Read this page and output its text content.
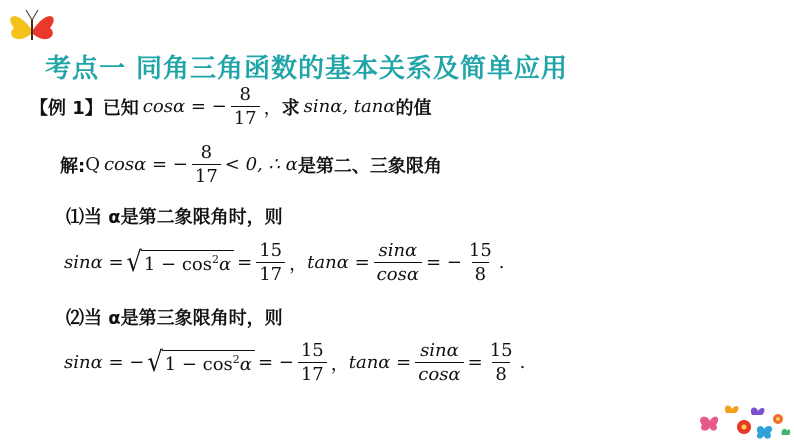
考点一 同角三角函数的基本关系及简单应用
【例 1】已知 cosα = − $\frac{8}{17}$ ， 求 sinα, tanα 的值
解: Q cosα = − $\frac{8}{17} < 0$, ∴ α 是第二、三象限角
⑴当 α是第二象限角时，则
sinα = √ $1 - \cos^2\alpha = \frac{15}{17}$ ， $\tan\alpha = \frac{\sin\alpha}{\cos\alpha}$ = − $\frac{15}{8}$ .
⑵当 α是第三象限角时，则
sinα = − √ $1 - \cos^2\alpha$ = − $\frac{15}{17}$ ， $\tan\alpha = \frac{\sin\alpha}{\cos\alpha} = \frac{15}{8}$ .
